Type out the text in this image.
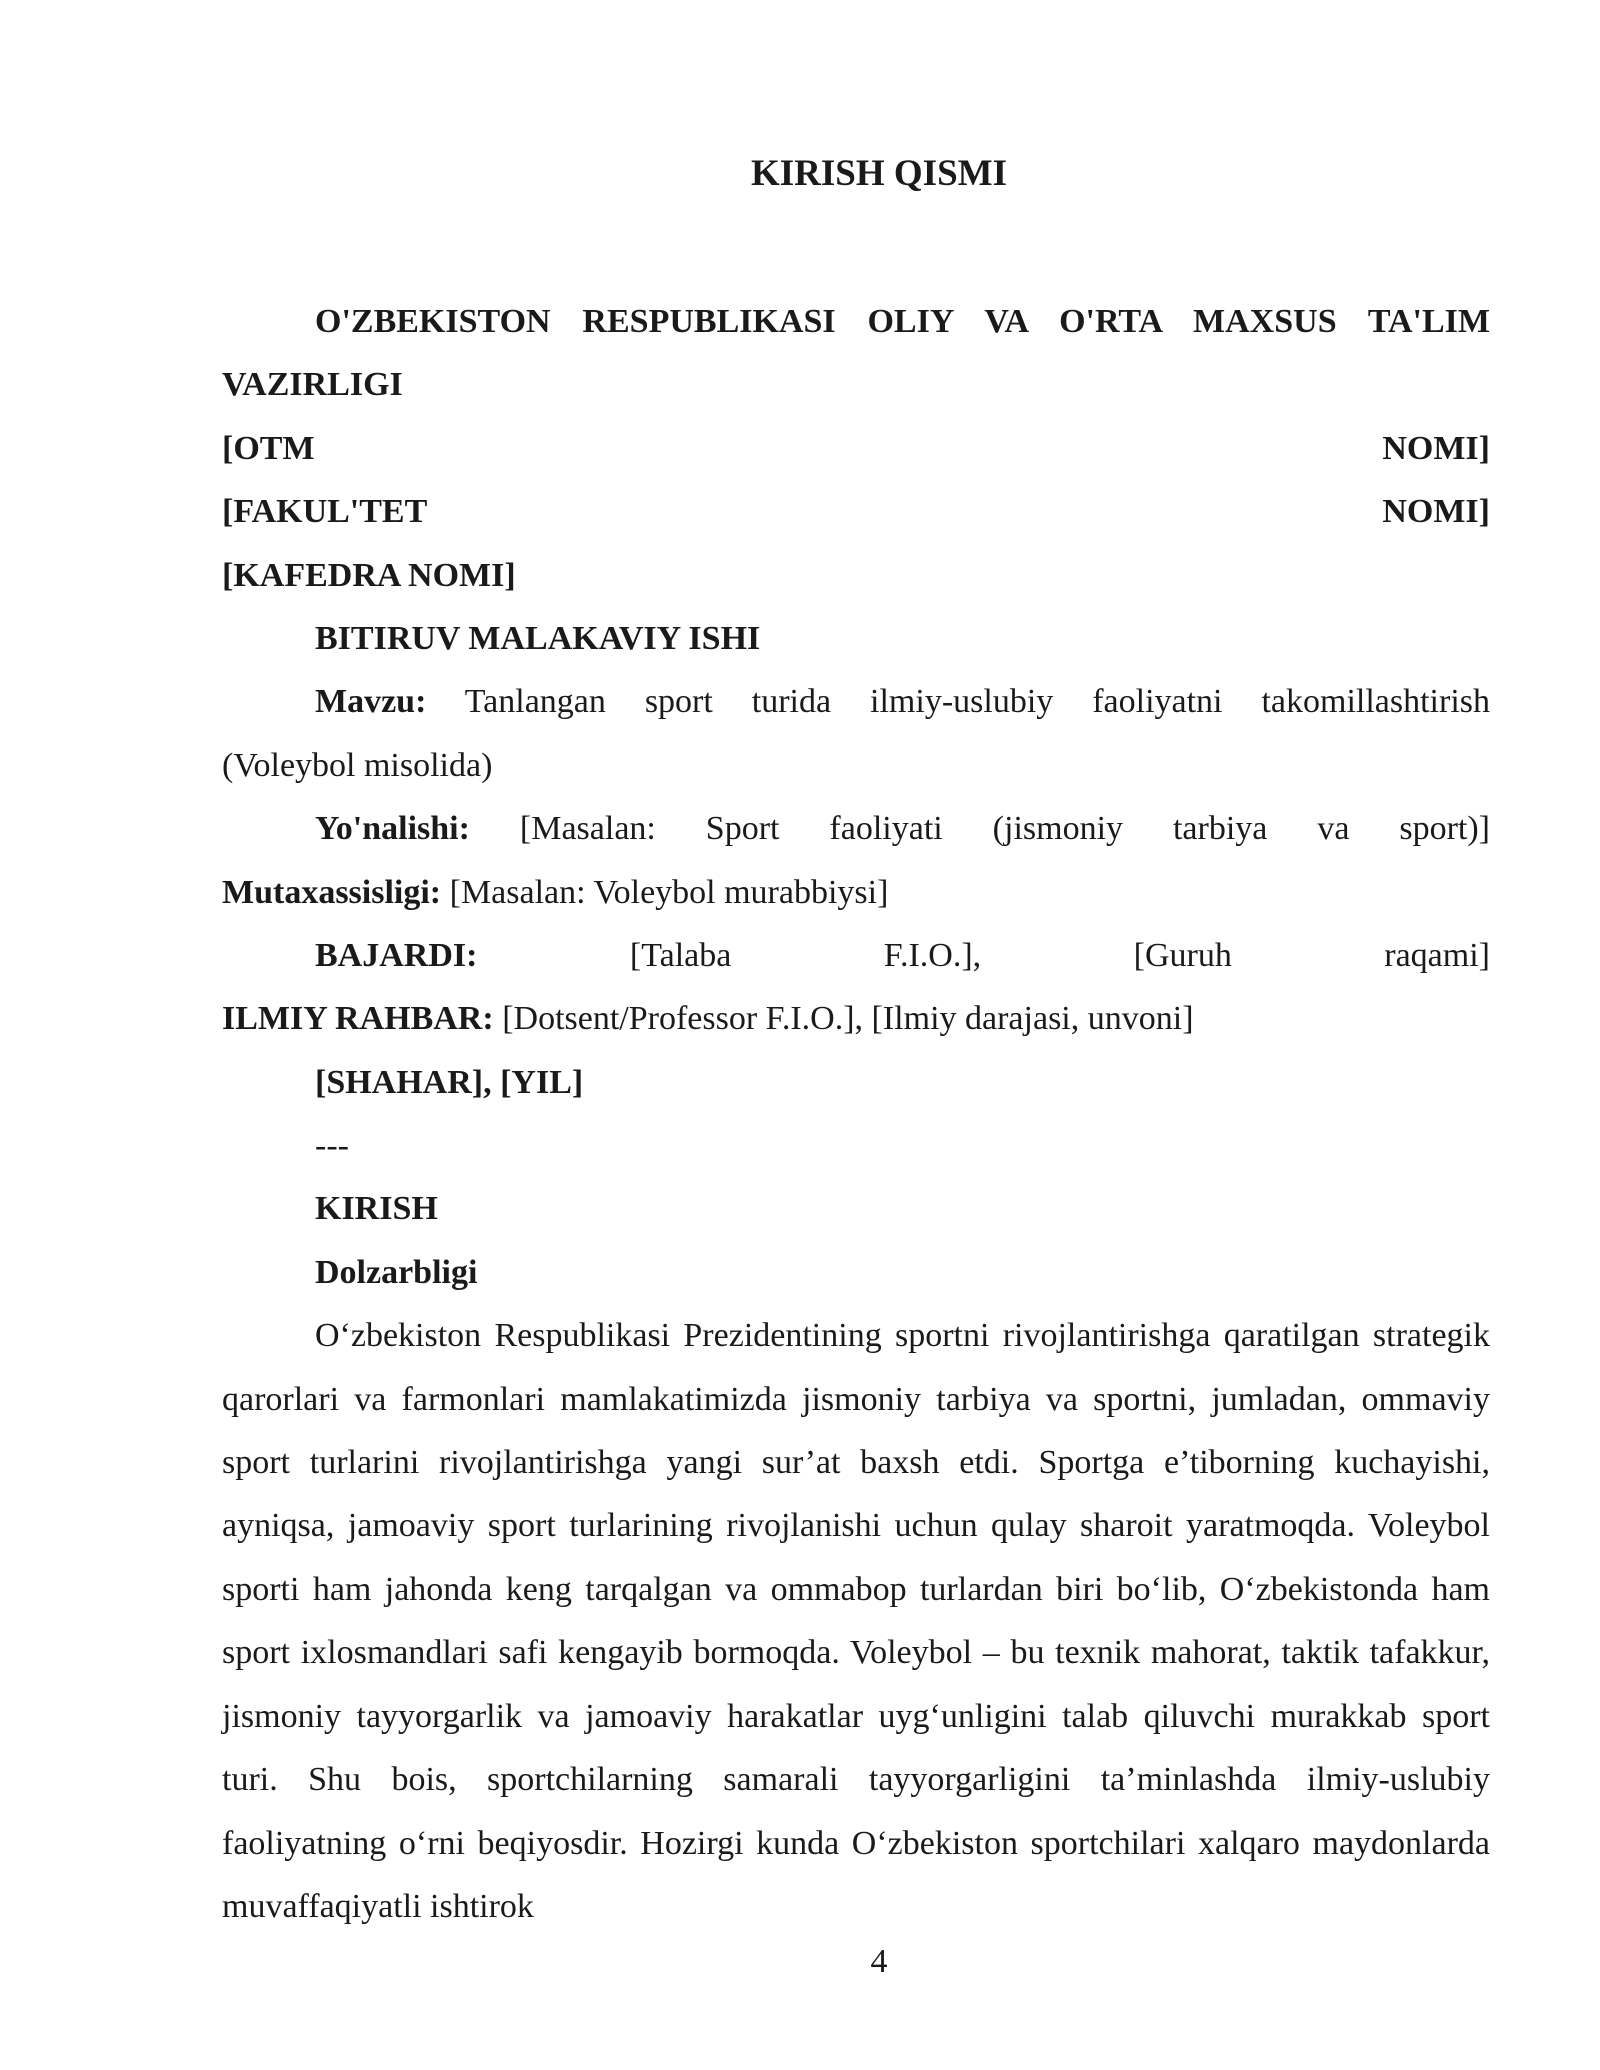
KIRISH QISMI
O'ZBEKISTON RESPUBLIKASI OLIY VA O'RTA MAXSUS TA'LIM
VAZIRLIGI
[OTM	NOMI]
[FAKUL'TET	NOMI]
[KAFEDRA NOMI]
BITIRUV MALAKAVIY ISHI
Mavzu: Tanlangan sport turida ilmiy-uslubiy faoliyatni takomillashtirish
(Voleybol misolida)
Yo'nalishi: [Masalan: Sport faoliyati (jismoniy tarbiya va sport)]
Mutaxassisligi: [Masalan: Voleybol murabbiysi]
BAJARDI:	[Talaba F.I.O.], [Guruh raqami]
ILMIY RAHBAR: [Dotsent/Professor F.I.O.], [Ilmiy darajasi, unvoni]
[SHAHAR], [YIL]
---
KIRISH
Dolzarbligi

O‘zbekiston Respublikasi Prezidentining sportni rivojlantirishga qaratilgan strategik qarorlari va farmonlari mamlakatimizda jismoniy tarbiya va sportni, jumladan, ommaviy sport turlarini rivojlantirishga yangi sur’at baxsh etdi. Sportga e’tiborning kuchayishi, ayniqsa, jamoaviy sport turlarining rivojlanishi uchun qulay sharoit yaratmoqda. Voleybol sporti ham jahonda keng tarqalgan va ommabop turlardan biri bo‘lib, O‘zbekistonda ham sport ixlosmandlari safi kengayib bormoqda. Voleybol – bu texnik mahorat, taktik tafakkur, jismoniy tayyorgarlik va jamoaviy harakatlar uyg‘unligini talab qiluvchi murakkab sport turi. Shu bois, sportchilarning samarali tayyorgarligini ta’minlashda ilmiy-uslubiy faoliyatning o‘rni beqiyosdir. Hozirgi kunda O‘zbekiston sportchilari xalqaro maydonlarda muvaffaqiyatli ishtirok

4
